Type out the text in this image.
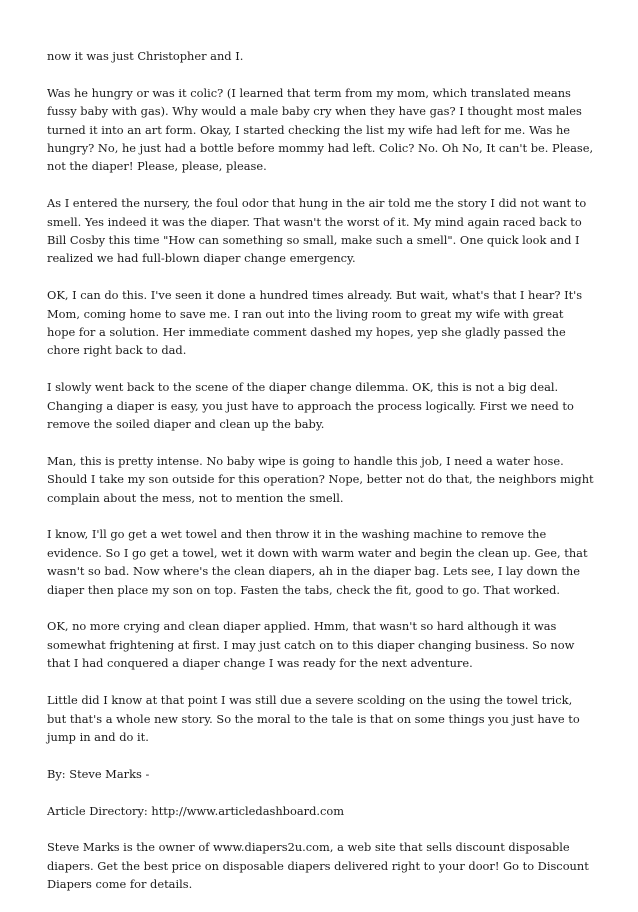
now it was just Christopher and I.

Was he hungry or was it colic? (I learned that term from my mom, which translated means fussy baby with gas). Why would a male baby cry when they have gas? I thought most males turned it into an art form. Okay, I started checking the list my wife had left for me. Was he hungry? No, he just had a bottle before mommy had left. Colic? No. Oh No, It can't be. Please, not the diaper! Please, please, please.

As I entered the nursery, the foul odor that hung in the air told me the story I did not want to smell. Yes indeed it was the diaper. That wasn't the worst of it. My mind again raced back to Bill Cosby this time "How can something so small, make such a smell". One quick look and I realized we had full-blown diaper change emergency.

OK, I can do this. I've seen it done a hundred times already. But wait, what's that I hear? It's Mom, coming home to save me. I ran out into the living room to great my wife with great hope for a solution. Her immediate comment dashed my hopes, yep she gladly passed the chore right back to dad.

I slowly went back to the scene of the diaper change dilemma. OK, this is not a big deal. Changing a diaper is easy, you just have to approach the process logically. First we need to remove the soiled diaper and clean up the baby.

Man, this is pretty intense. No baby wipe is going to handle this job, I need a water hose. Should I take my son outside for this operation? Nope, better not do that, the neighbors might complain about the mess, not to mention the smell.

I know, I'll go get a wet towel and then throw it in the washing machine to remove the evidence. So I go get a towel, wet it down with warm water and begin the clean up. Gee, that wasn't so bad. Now where's the clean diapers, ah in the diaper bag. Lets see, I lay down the diaper then place my son on top. Fasten the tabs, check the fit, good to go. That worked.

OK, no more crying and clean diaper applied. Hmm, that wasn't so hard although it was somewhat frightening at first. I may just catch on to this diaper changing business. So now that I had conquered a diaper change I was ready for the next adventure.

Little did I know at that point I was still due a severe scolding on the using the towel trick, but that's a whole new story. So the moral to the tale is that on some things you just have to jump in and do it.

By: Steve Marks -

Article Directory: http://www.articledashboard.com

Steve Marks is the owner of www.diapers2u.com, a web site that sells discount disposable diapers. Get the best price on disposable diapers delivered right to your door! Go to Discount Diapers come for details.
